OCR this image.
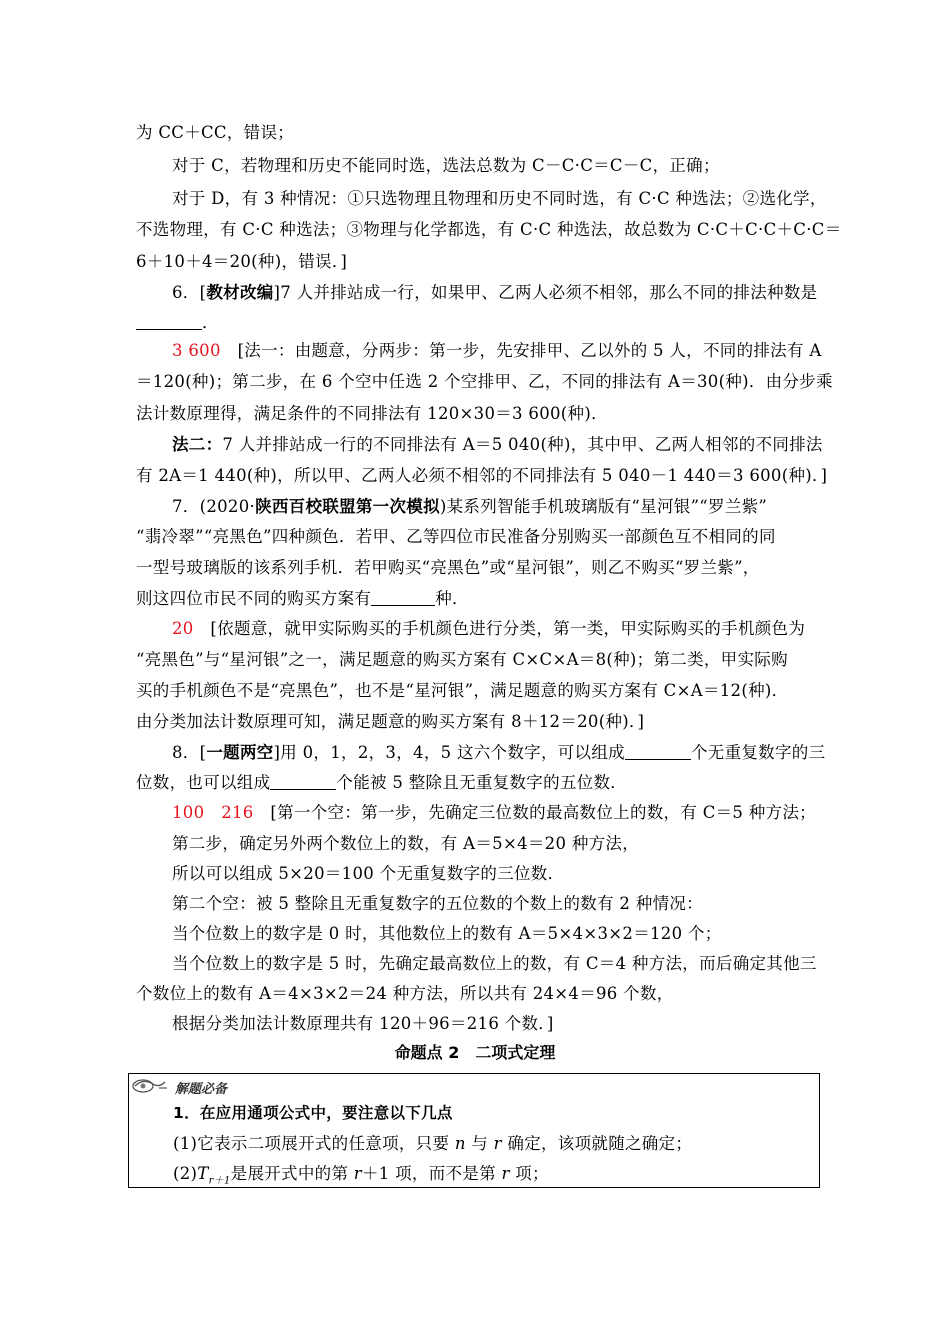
为 CC＋CC，错误；
对于 C，若物理和历史不能同时选，选法总数为 C－C·C＝C－C，正确；
对于 D，有 3 种情况：①只选物理且物理和历史不同时选，有 C·C 种选法；②选化学，
不选物理，有 C·C 种选法；③物理与化学都选，有 C·C 种选法，故总数为 C·C＋C·C＋C·C＝
6＋10＋4＝20(种)，错误．]
6．[教材改编]7 人并排站成一行，如果甲、乙两人必须不相邻，那么不同的排法种数是
．
3 600　 [法一：由题意，分两步：第一步，先安排甲、乙以外的 5 人，不同的排法有 A
＝120(种)；第二步，在 6 个空中任选 2 个空排甲、乙，不同的排法有 A＝30(种)．由分步乘
法计数原理得，满足条件的不同排法有 120×30＝3 600(种)．
法二：7 人并排站成一行的不同排法有 A＝5 040(种)，其中甲、乙两人相邻的不同排法
有 2A＝1 440(种)，所以甲、乙两人必须不相邻的不同排法有 5 040－1 440＝3 600(种)．]
7．(2020·陕西百校联盟第一次模拟)某系列智能手机玻璃版有“星河银”“罗兰紫”
“翡冷翠”“亮黑色”四种颜色．若甲、乙等四位市民准备分别购买一部颜色互不相同的同
一型号玻璃版的该系列手机．若甲购买“亮黑色”或“星河银”，则乙不购买“罗兰紫”，
则这四位市民不同的购买方案有	种．
20　 [依题意，就甲实际购买的手机颜色进行分类，第一类，甲实际购买的手机颜色为
“亮黑色”与“星河银”之一，满足题意的购买方案有 C×C×A＝8(种)；第二类，甲实际购
买的手机颜色不是“亮黑色”，也不是“星河银”，满足题意的购买方案有 C×A＝12(种)．
由分类加法计数原理可知，满足题意的购买方案有 8＋12＝20(种)．]
8．[一题两空]用 0，1，2，3，4，5 这六个数字，可以组成	个无重复数字的三
位数，也可以组成	个能被 5 整除且无重复数字的五位数．
100　216　 [第一个空：第一步，先确定三位数的最高数位上的数，有 C＝5 种方法；
第二步，确定另外两个数位上的数，有 A＝5×4＝20 种方法，
所以可以组成 5×20＝100 个无重复数字的三位数．
第二个空：被 5 整除且无重复数字的五位数的个数上的数有 2 种情况：
当个位数上的数字是 0 时，其他数位上的数有 A＝5×4×3×2＝120 个；
当个位数上的数字是 5 时，先确定最高数位上的数，有 C＝4 种方法，而后确定其他三
个数位上的数有 A＝4×3×2＝24 种方法，所以共有 24×4＝96 个数，
根据分类加法计数原理共有 120＋96＝216 个数．]
命题点 2　二项式定理
解题必备
1．在应用通项公式中，要注意以下几点
(1)它表示二项展开式的任意项，只要 n 与 r 确定，该项就随之确定；
$(2)T_{r+1}$是展开式中的第 r＋1 项，而不是第 r 项；
